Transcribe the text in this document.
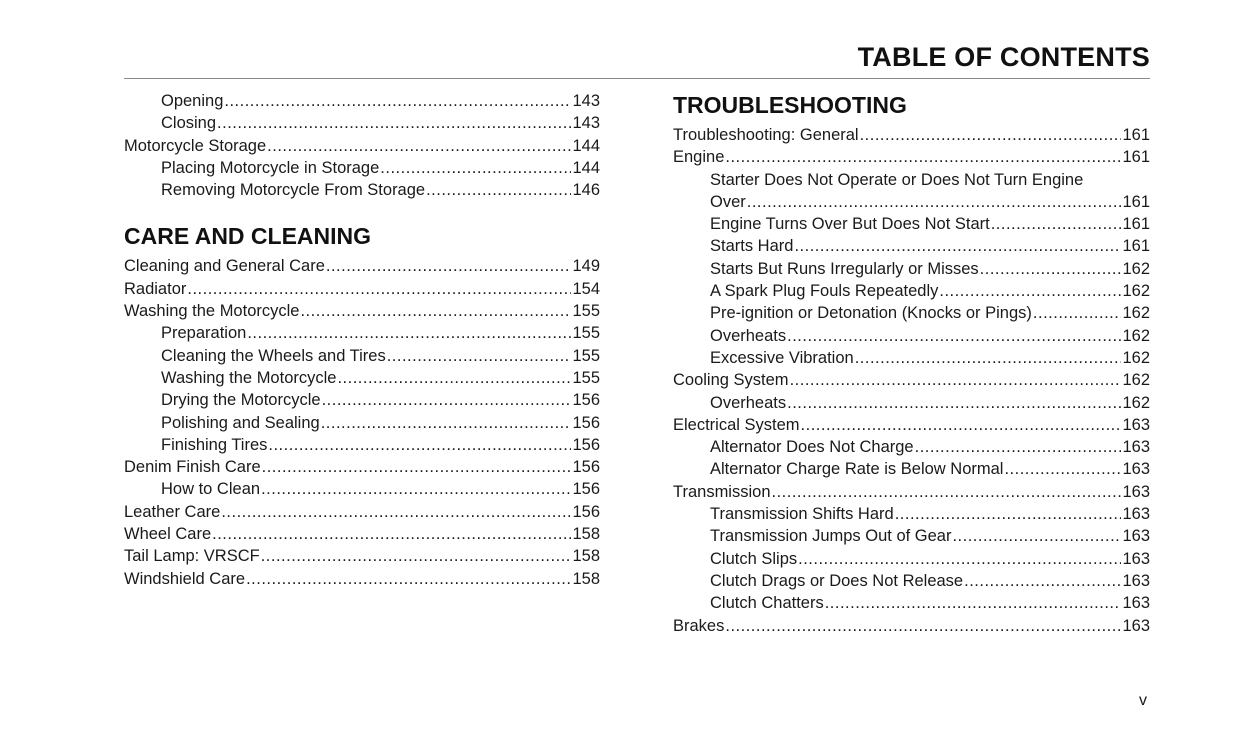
TABLE OF CONTENTS
Opening .....	143
Closing .....	143
Motorcycle Storage .....	144
Placing Motorcycle in Storage .....	144
Removing Motorcycle From Storage .....	146
CARE AND CLEANING
Cleaning and General Care .....	149
Radiator .....	154
Washing the Motorcycle .....	155
Preparation .....	155
Cleaning the Wheels and Tires .....	155
Washing the Motorcycle .....	155
Drying the Motorcycle .....	156
Polishing and Sealing .....	156
Finishing Tires .....	156
Denim Finish Care .....	156
How to Clean .....	156
Leather Care .....	156
Wheel Care .....	158
Tail Lamp: VRSCF .....	158
Windshield Care .....	158
TROUBLESHOOTING
Troubleshooting: General .....	161
Engine .....	161
Starter Does Not Operate or Does Not Turn Engine
Over .....	161
Engine Turns Over But Does Not Start .....	161
Starts Hard .....	161
Starts But Runs Irregularly or Misses .....	162
A Spark Plug Fouls Repeatedly .....	162
Pre-ignition or Detonation (Knocks or Pings) .....	162
Overheats .....	162
Excessive Vibration .....	162
Cooling System .....	162
Overheats .....	162
Electrical System .....	163
Alternator Does Not Charge .....	163
Alternator Charge Rate is Below Normal .....	163
Transmission .....	163
Transmission Shifts Hard .....	163
Transmission Jumps Out of Gear .....	163
Clutch Slips .....	163
Clutch Drags or Does Not Release .....	163
Clutch Chatters .....	163
Brakes .....	163
v
